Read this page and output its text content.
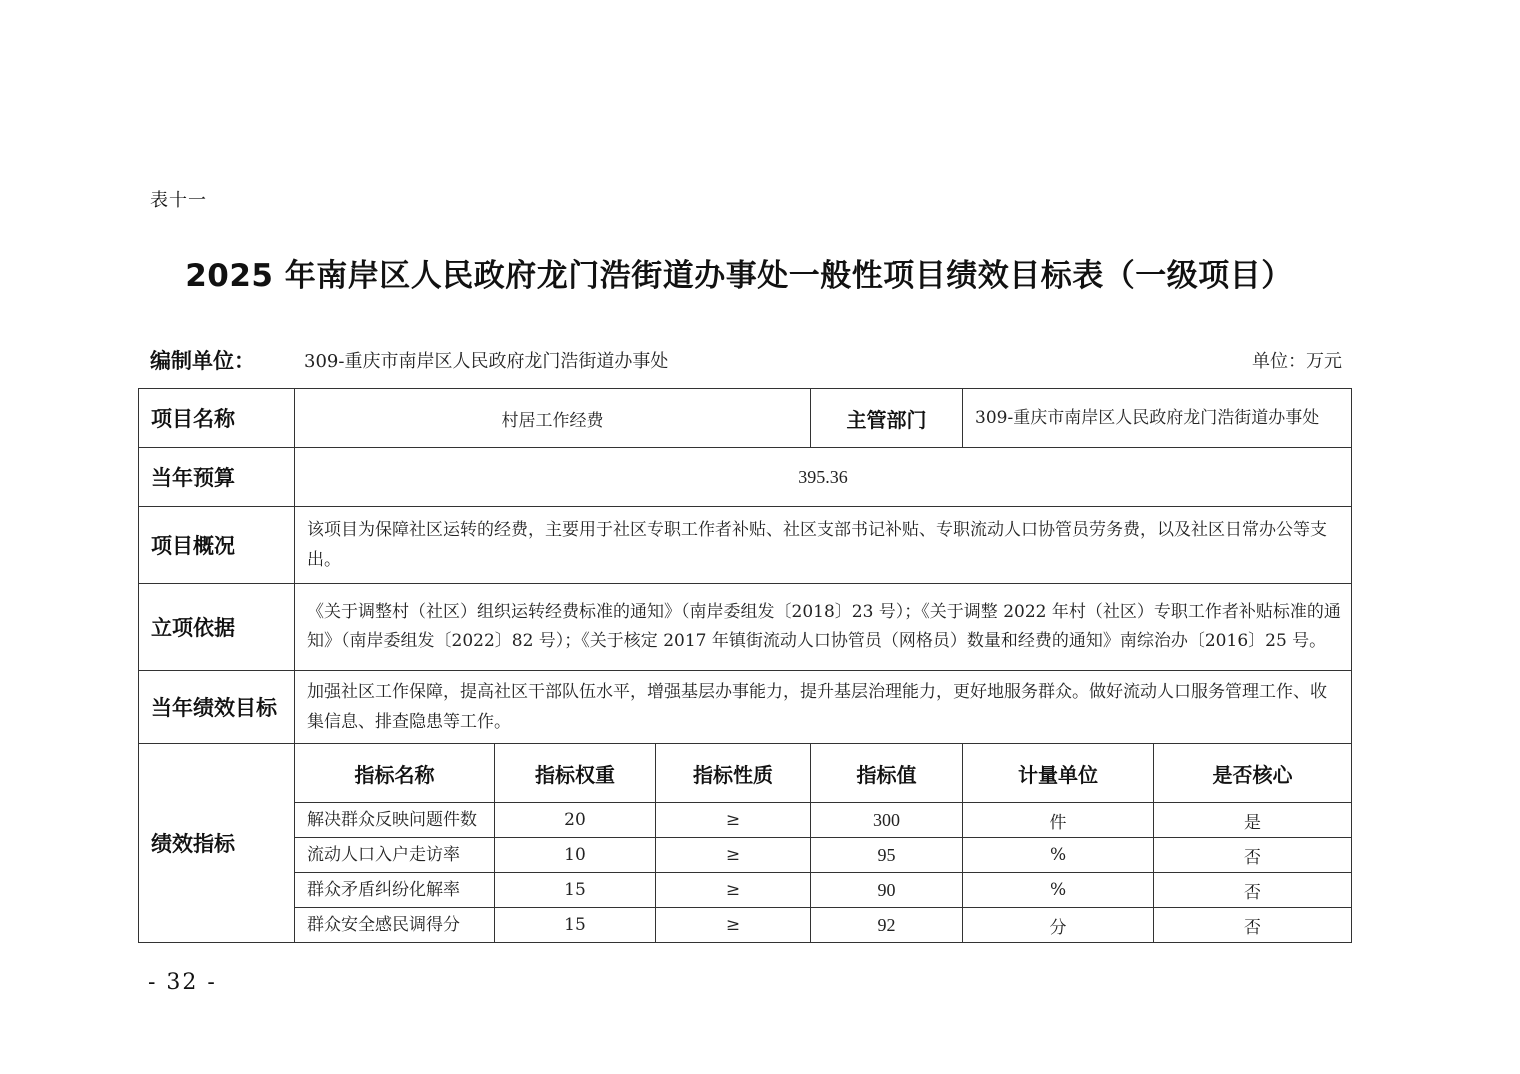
表十一
2025 年南岸区人民政府龙门浩街道办事处一般性项目绩效目标表（一级项目）
编制单位：	309-重庆市南岸区人民政府龙门浩街道办事处	单位：万元
项目名称	村居工作经费			主管部门	309-重庆市南岸区人民政府龙门浩街道办事处	
当年预算	395.36					
项目概况	该项目为保障社区运转的经费，主要用于社区专职工作者补贴、社区支部书记补贴、专职流动人口协管员劳务费，以及社区日常办公等支出。					
立项依据	《关于调整村（社区）组织运转经费标准的通知》（南岸委组发〔2018〕23 号）；《关于调整 2022 年村（社区）专职工作者补贴标准的通知》（南岸委组发〔2022〕82 号）；《关于核定 2017 年镇街流动人口协管员（网格员）数量和经费的通知》南综治办〔2016〕25 号。					
当年绩效目标	加强社区工作保障，提高社区干部队伍水平，增强基层办事能力，提升基层治理能力，更好地服务群众。做好流动人口服务管理工作、收集信息、排查隐患等工作。					
绩效指标	指标名称	指标权重	指标性质	指标值	计量单位	是否核心
	解决群众反映问题件数	20	≥	300	件	是
	流动人口入户走访率	10	≥	95	%	否
	群众矛盾纠纷化解率	15	≥	90	%	否
	群众安全感民调得分	15	≥	92	分	否
- 32 -
